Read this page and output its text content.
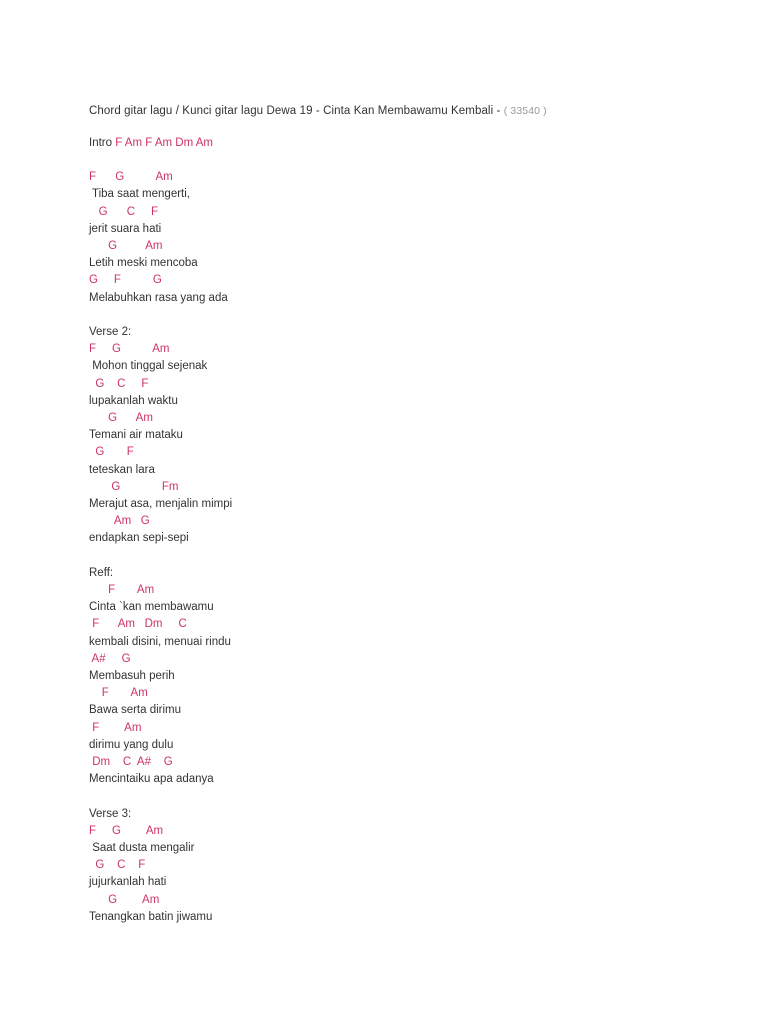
Chord gitar lagu / Kunci gitar lagu Dewa 19 - Cinta Kan Membawamu Kembali - ( 33540 )
Intro F Am F Am Dm Am
F      G          Am
Tiba saat mengerti,
G      C     F
jerit suara hati
G         Am
Letih meski mencoba
G     F          G
Melabuhkan rasa yang ada
Verse 2:
F     G          Am
Mohon tinggal sejenak
G    C     F
lupakanlah waktu
G      Am
Temani air mataku
G       F
teteskan lara
G             Fm
Merajut asa, menjalin mimpi
Am   G
endapkan sepi-sepi
Reff:
F       Am
Cinta `kan membawamu
F      Am   Dm     C
kembali disini, menuai rindu
A#     G
Membasuh perih
F       Am
Bawa serta dirimu
F        Am
dirimu yang dulu
Dm    C  A#    G
Mencintaiku apa adanya
Verse 3:
F     G        Am
Saat dusta mengalir
G    C    F
jujurkanlah hati
G        Am
Tenangkan batin jiwamu
